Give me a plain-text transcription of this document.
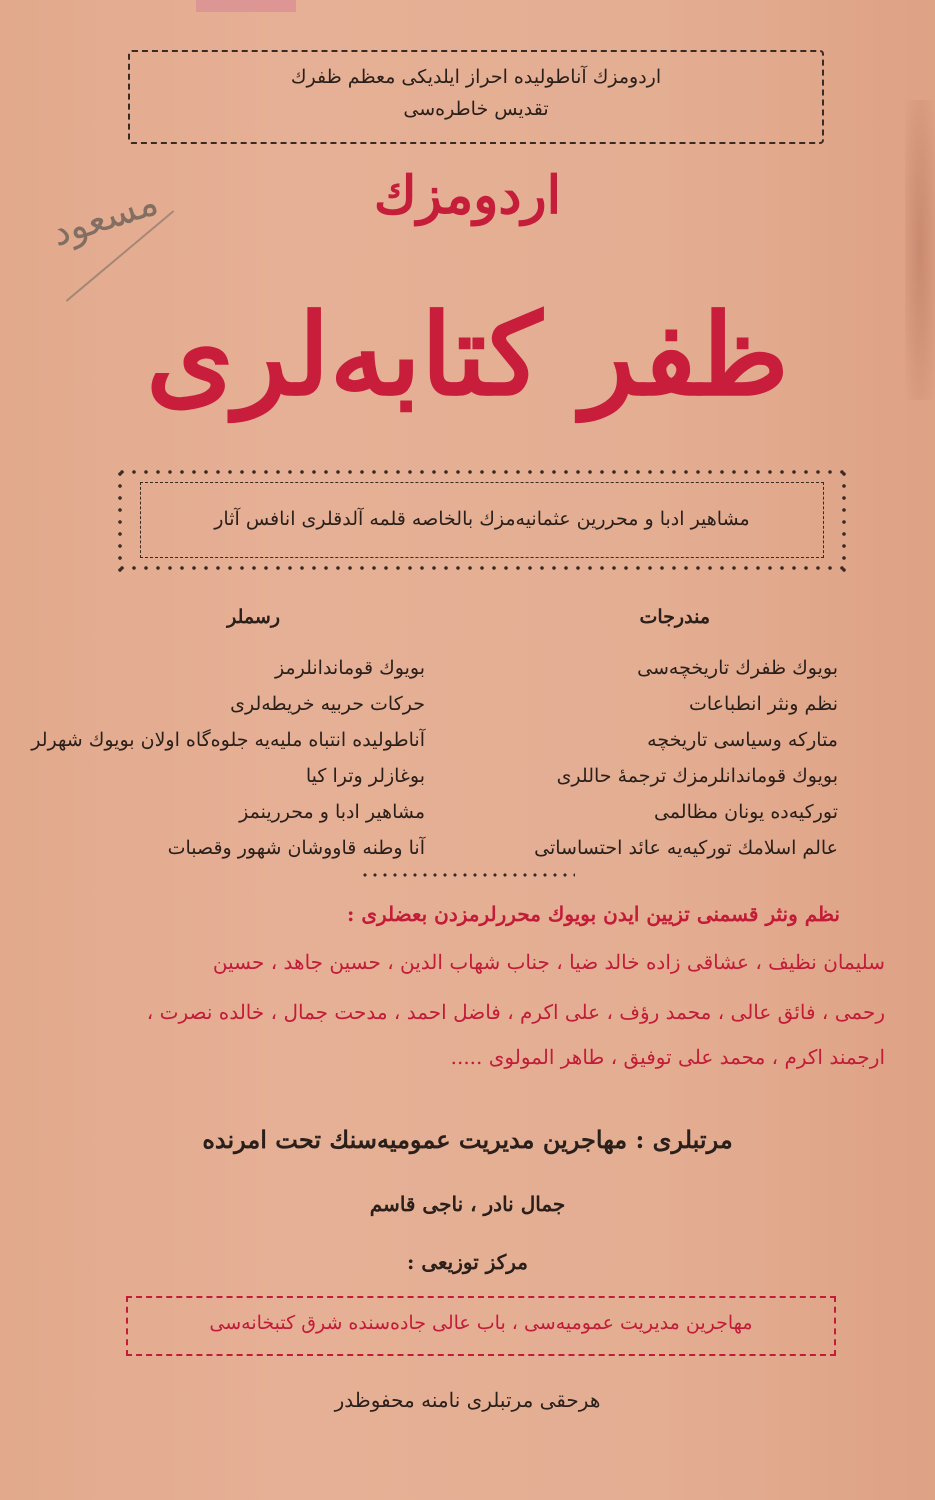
اردومزك آناطوليده احراز ايلديكى معظم ظفرك
تقديس خاطره‌سى
مسعود	اردومزك
ظفر كتابه‌لرى
مشاهير ادبا و محررين عثمانيه‌مزك بالخاصه قلمه آلدقلرى انافس آثار
مندرجات
رسملر
بويوك ظفرك تاريخچه‌سى
نظم ونثر انطباعات
متاركه وسياسى تاريخچه
بويوك قوماندانلرمزك ترجمهٔ حاللرى
توركيه‌ده يونان مظالمى
عالم اسلامك توركيه‌يه عائد احتساساتى
بويوك قوماندانلرمز
حركات حربيه خريطه‌لرى
آناطوليده انتباه مليه‌يه جلوه‌گاه اولان بويوك شهرلر
بوغازلر وترا كيا
مشاهير ادبا و محررينمز
آنا وطنه قاووشان شهور وقصبات
نظم ونثر قسمنى تزيين ايدن بويوك محررلرمزدن بعضلرى :
سليمان نظيف ، عشاقى زاده خالد ضيا ، جناب شهاب الدين ، حسين جاهد ، حسين
رحمى ، فائق عالى ، محمد رؤف ، على اكرم ، فاضل احمد ، مدحت جمال ، خالده نصرت ،
ارجمند اكرم ، محمد على توفيق ، طاهر المولوى .....
مرتبلرى : مهاجرين مديريت عموميه‌سنك تحت امرنده
جمال نادر ، ناجى قاسم
مركز توزيعى :
مهاجرين مديريت عموميه‌سى ، باب عالى جاده‌سنده شرق كتبخانه‌سى
هرحقى مرتبلرى نامنه محفوظدر
